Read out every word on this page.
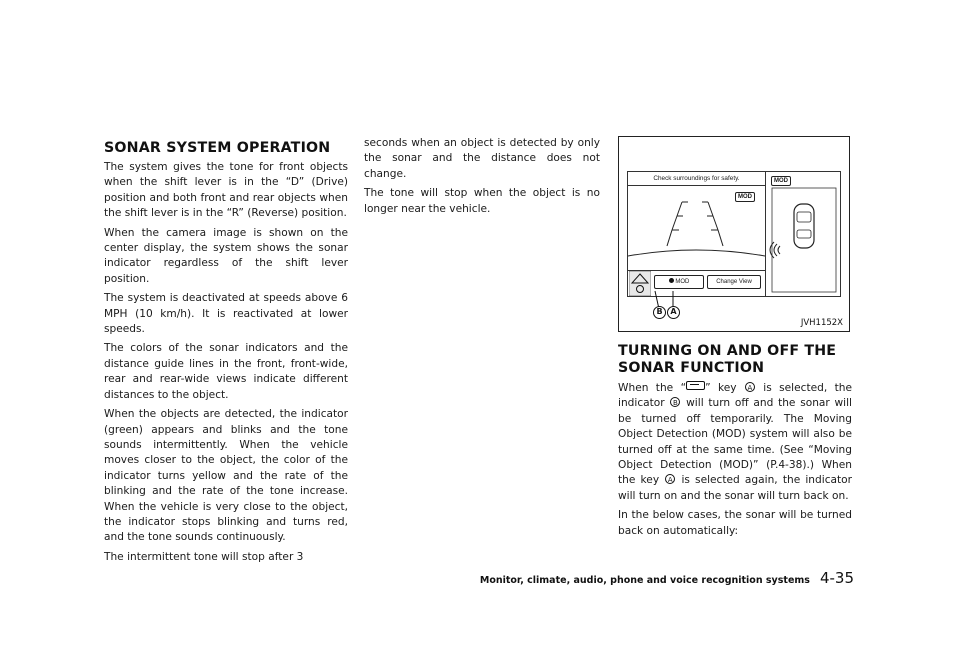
SONAR SYSTEM OPERATION

The system gives the tone for front objects when the shift lever is in the “D” (Drive) position and both front and rear objects when the shift lever is in the “R” (Reverse) position.

When the camera image is shown on the center display, the system shows the sonar indicator regardless of the shift lever position.

The system is deactivated at speeds above 6 MPH (10 km/h). It is reactivated at lower speeds.

The colors of the sonar indicators and the distance guide lines in the front, front-wide, rear and rear-wide views indicate different distances to the object.

When the objects are detected, the indicator (green) appears and blinks and the tone sounds intermittently. When the vehicle moves closer to the object, the color of the indicator turns yellow and the rate of the blinking and the rate of the tone increase. When the vehicle is very close to the object, the indicator stops blinking and turns red, and the tone sounds continuously.

The intermittent tone will stop after 3

seconds when an object is detected by only the sonar and the distance does not change.

The tone will stop when the object is no longer near the vehicle.

Check surroundings for safety.
MOD
MOD
MOD	Change View
B A
JVH1152X
TURNING ON AND OFF THE SONAR FUNCTION

When the “ ” key A is selected, the indicator B will turn off and the sonar will be turned off temporarily. The Moving Object Detection (MOD) system will also be turned off at the same time. (See “Moving Object Detection (MOD)” (P.4-38).) When the key A is selected again, the indicator will turn on and the sonar will turn back on.

In the below cases, the sonar will be turned back on automatically:

Monitor, climate, audio, phone and voice recognition systems 4-35
